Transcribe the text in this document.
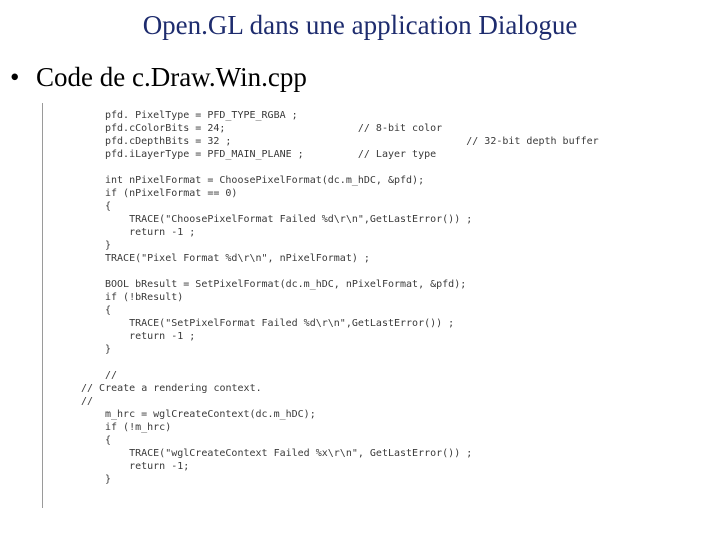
Open.GL dans une application Dialogue
• Code de c.Draw.Win.cpp
pfd. PixelType = PFD_TYPE_RGBA ;
pfd.cColorBits = 24;                      // 8-bit color
pfd.cDepthBits = 32 ;                                       // 32-bit depth buffer
pfd.iLayerType = PFD_MAIN_PLANE ;         // Layer type
int nPixelFormat = ChoosePixelFormat(dc.m_hDC, &pfd);
if (nPixelFormat == 0)
{
TRACE("ChoosePixelFormat Failed %d\r\n",GetLastError()) ;
return -1 ;
}
TRACE("Pixel Format %d\r\n", nPixelFormat) ;
BOOL bResult = SetPixelFormat(dc.m_hDC, nPixelFormat, &pfd);
if (!bResult)
{
TRACE("SetPixelFormat Failed %d\r\n",GetLastError()) ;
return -1 ;
}
//
// Create a rendering context.
//
m_hrc = wglCreateContext(dc.m_hDC);
if (!m_hrc)
{
TRACE("wglCreateContext Failed %x\r\n", GetLastError()) ;
return -1;
}
